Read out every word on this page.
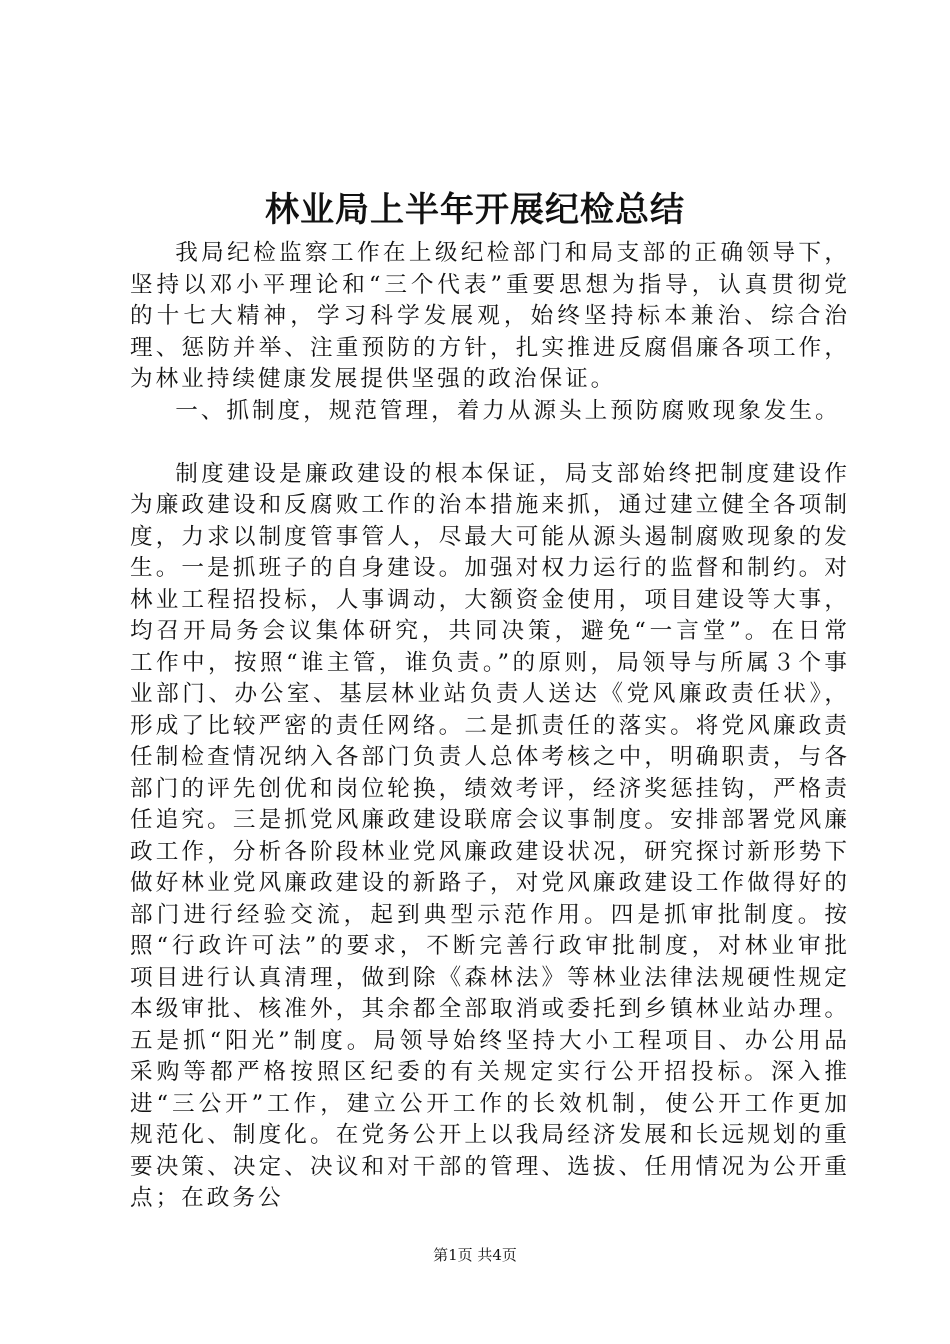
林业局上半年开展纪检总结

我局纪检监察工作在上级纪检部门和局支部的正确领导下，坚持以邓小平理论和“三个代表”重要思想为指导，认真贯彻党的十七大精神，学习科学发展观，始终坚持标本兼治、综合治理、惩防并举、注重预防的方针，扎实推进反腐倡廉各项工作，为林业持续健康发展提供坚强的政治保证。

一、抓制度，规范管理，着力从源头上预防腐败现象发生。

制度建设是廉政建设的根本保证，局支部始终把制度建设作为廉政建设和反腐败工作的治本措施来抓，通过建立健全各项制度，力求以制度管事管人，尽最大可能从源头遏制腐败现象的发生。一是抓班子的自身建设。加强对权力运行的监督和制约。对林业工程招投标，人事调动，大额资金使用，项目建设等大事，均召开局务会议集体研究，共同决策，避免“一言堂”。在日常工作中，按照“谁主管，谁负责。”的原则，局领导与所属３个事业部门、办公室、基层林业站负责人送达《党风廉政责任状》，形成了比较严密的责任网络。二是抓责任的落实。将党风廉政责任制检查情况纳入各部门负责人总体考核之中，明确职责，与各部门的评先创优和岗位轮换，绩效考评，经济奖惩挂钩，严格责任追究。三是抓党风廉政建设联席会议事制度。安排部署党风廉政工作，分析各阶段林业党风廉政建设状况，研究探讨新形势下做好林业党风廉政建设的新路子，对党风廉政建设工作做得好的部门进行经验交流，起到典型示范作用。四是抓审批制度。按照“行政许可法”的要求，不断完善行政审批制度，对林业审批项目进行认真清理，做到除《森林法》等林业法律法规硬性规定本级审批、核准外，其余都全部取消或委托到乡镇林业站办理。五是抓“阳光”制度。局领导始终坚持大小工程项目、办公用品采购等都严格按照区纪委的有关规定实行公开招投标。深入推进“三公开”工作，建立公开工作的长效机制，使公开工作更加规范化、制度化。在党务公开上以我局经济发展和长远规划的重要决策、决定、决议和对干部的管理、选拔、任用情况为公开重点；在政务公

第1页 共4页
